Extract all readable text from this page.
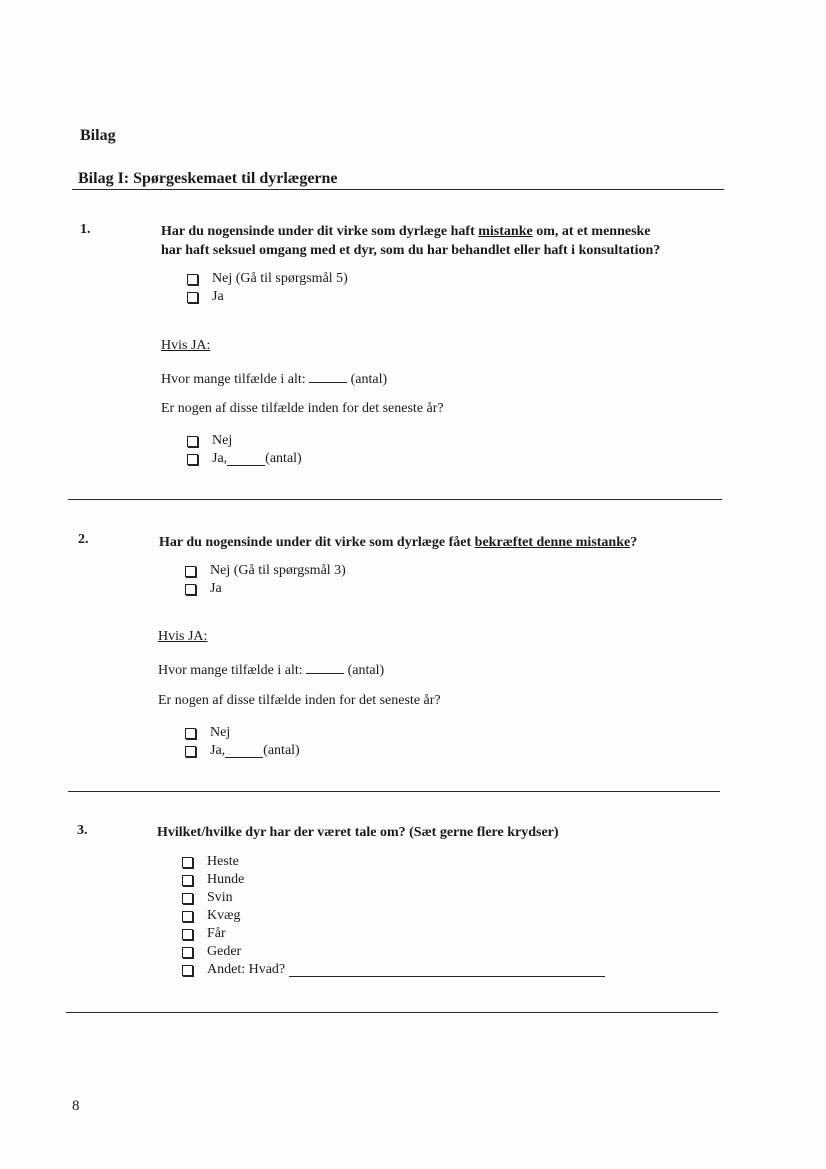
Bilag
Bilag I: Spørgeskemaet til dyrlægerne
1.	Har du nogensinde under dit virke som dyrlæge haft mistanke om, at et menneske
har haft seksuel omgang med et dyr, som du har behandlet eller haft i konsultation?
Nej (Gå til spørgsmål 5)
Ja
Hvis JA:
Hvor mange tilfælde i alt:	(antal)
Er nogen af disse tilfælde inden for det seneste år?
Nej
Ja,	(antal)
2.	Har du nogensinde under dit virke som dyrlæge fået bekræftet denne mistanke?
Nej (Gå til spørgsmål 3)
Ja
Hvis JA:
Hvor mange tilfælde i alt:	(antal)
Er nogen af disse tilfælde inden for det seneste år?
Nej
Ja,	(antal)
3.	Hvilket/hvilke dyr har der været tale om? (Sæt gerne flere krydser)
Heste
Hunde
Svin
Kvæg
Får
Geder
Andet: Hvad?

8
